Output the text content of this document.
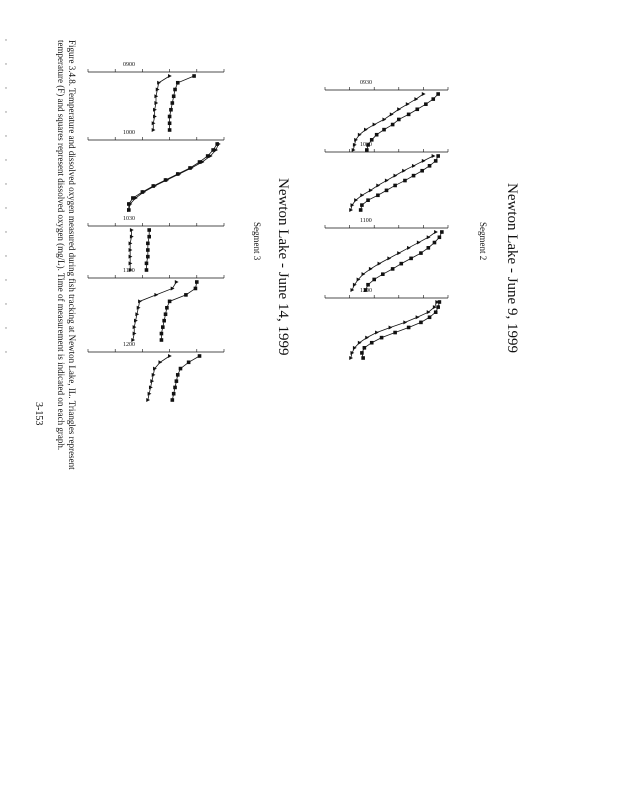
Newton Lake - June 9, 1999
Segment 2
Newton Lake - June 14, 1999
Segment 3
Figure 3.4.8. Temperature and dissolved oxygen measured during fish tracking at Newton Lake, IL. Triangles represent
temperature (F) and squares represent dissolved oxygen (mg/L). Time of measurement is indicated on each graph.
3-153
0930
1030
1100
1200
0900
1000
1030
1100
1200
